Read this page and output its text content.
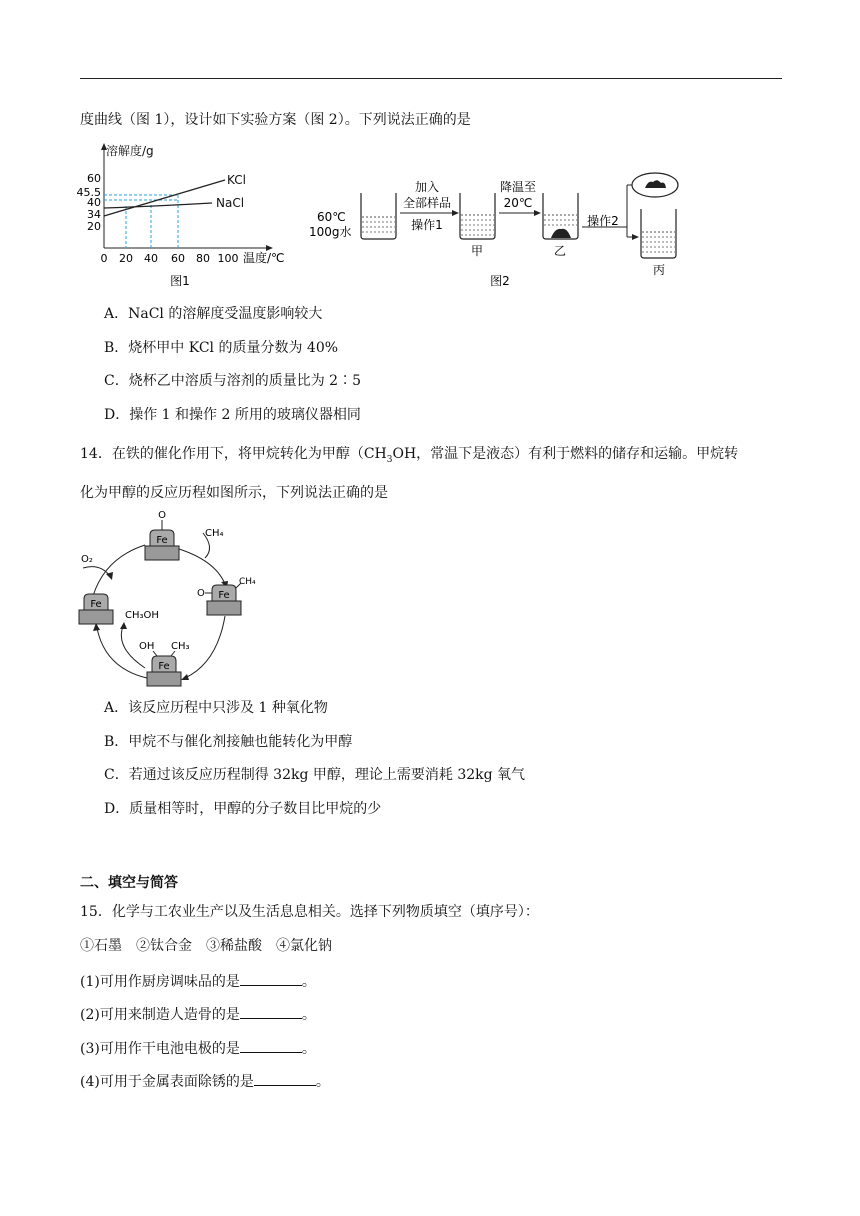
度曲线（图 1），设计如下实验方案（图 2）。下列说法正确的是
溶解度/g
KCl
NaCl
60
45.5
40
34
20
0 20 40 60 80 100 温度/℃
图1
60℃
100g水
加入
全部样品
操作1
甲
降温至
20℃
乙
操作2
丙
图2
A．NaCl 的溶解度受温度影响较大
B．烧杯甲中 KCl 的质量分数为 40%
C．烧杯乙中溶质与溶剂的质量比为 2∶5
D．操作 1 和操作 2 所用的玻璃仪器相同
14．在铁的催化作用下，将甲烷转化为甲醇（$CH_3OH$，常温下是液态）有利于燃料的储存和运输。甲烷转
化为甲醇的反应历程如图所示，下列说法正确的是
O₂
CH₄
CH₃OH
Fe
O
Fe
O
CH₄
Fe
OH CH₃
Fe
A．该反应历程中只涉及 1 种氧化物
B．甲烷不与催化剂接触也能转化为甲醇
C．若通过该反应历程制得 32kg 甲醇，理论上需要消耗 32kg 氧气
D．质量相等时，甲醇的分子数目比甲烷的少
二、填空与简答
15．化学与工农业生产以及生活息息相关。选择下列物质填空（填序号）：
①石墨　②钛合金　③稀盐酸　④氯化钠
(1)可用作厨房调味品的是	。
(2)可用来制造人造骨的是	。
(3)可用作干电池电极的是	。
(4)可用于金属表面除锈的是	。
